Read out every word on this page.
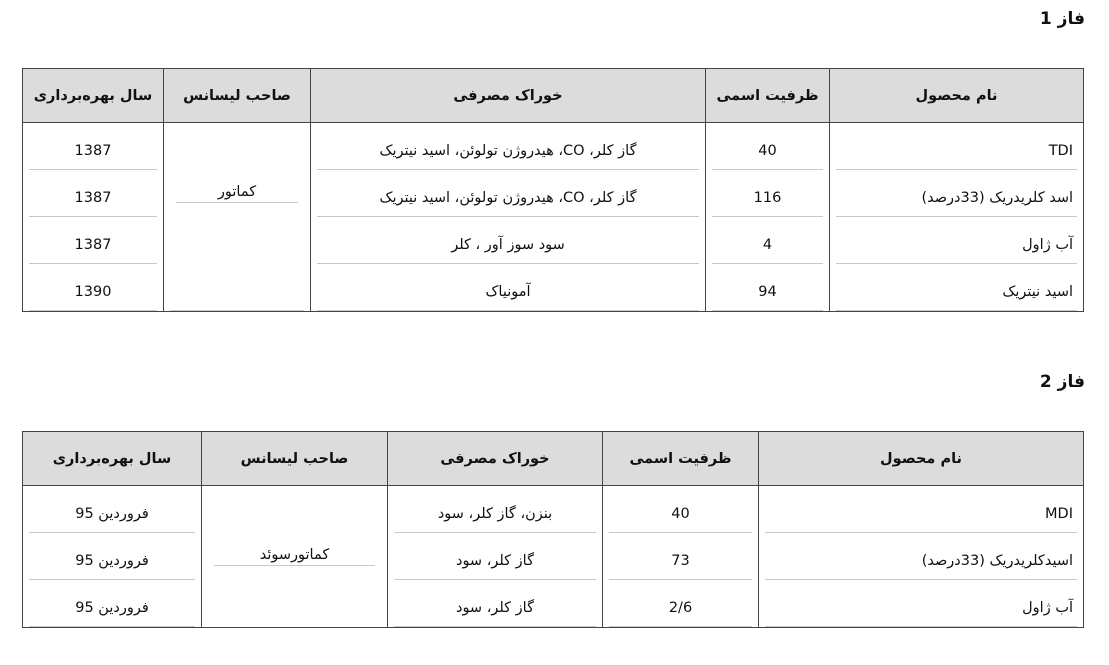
فاز 1
نام محصول	ظرفیت اسمی	خوراک مصرفی	صاحب لیسانس	سال بهره‌برداری

TDI	40	گاز کلر، CO، هیدروژن تولوئن، اسید نیتریک	کماتور	1387

اسد کلریدریک (33درصد)	116	گاز کلر، CO، هیدروژن تولوئن، اسید نیتریک		1387

آب ژاول	4	سود سوز آور ، کلر		1387

اسید نیتریک	94	آمونیاک		1390
فاز 2
نام محصول	ظرفیت اسمی	خوراک مصرفی	صاحب لیسانس	سال بهره‌برداری

MDI	40	بنزن، گاز کلر، سود	کماتورسوئد	فروردین 95

اسیدکلریدریک (33درصد)	73	گاز کلر، سود		فروردین 95

آب ژاول	2/6	گاز کلر، سود		فروردین 95
